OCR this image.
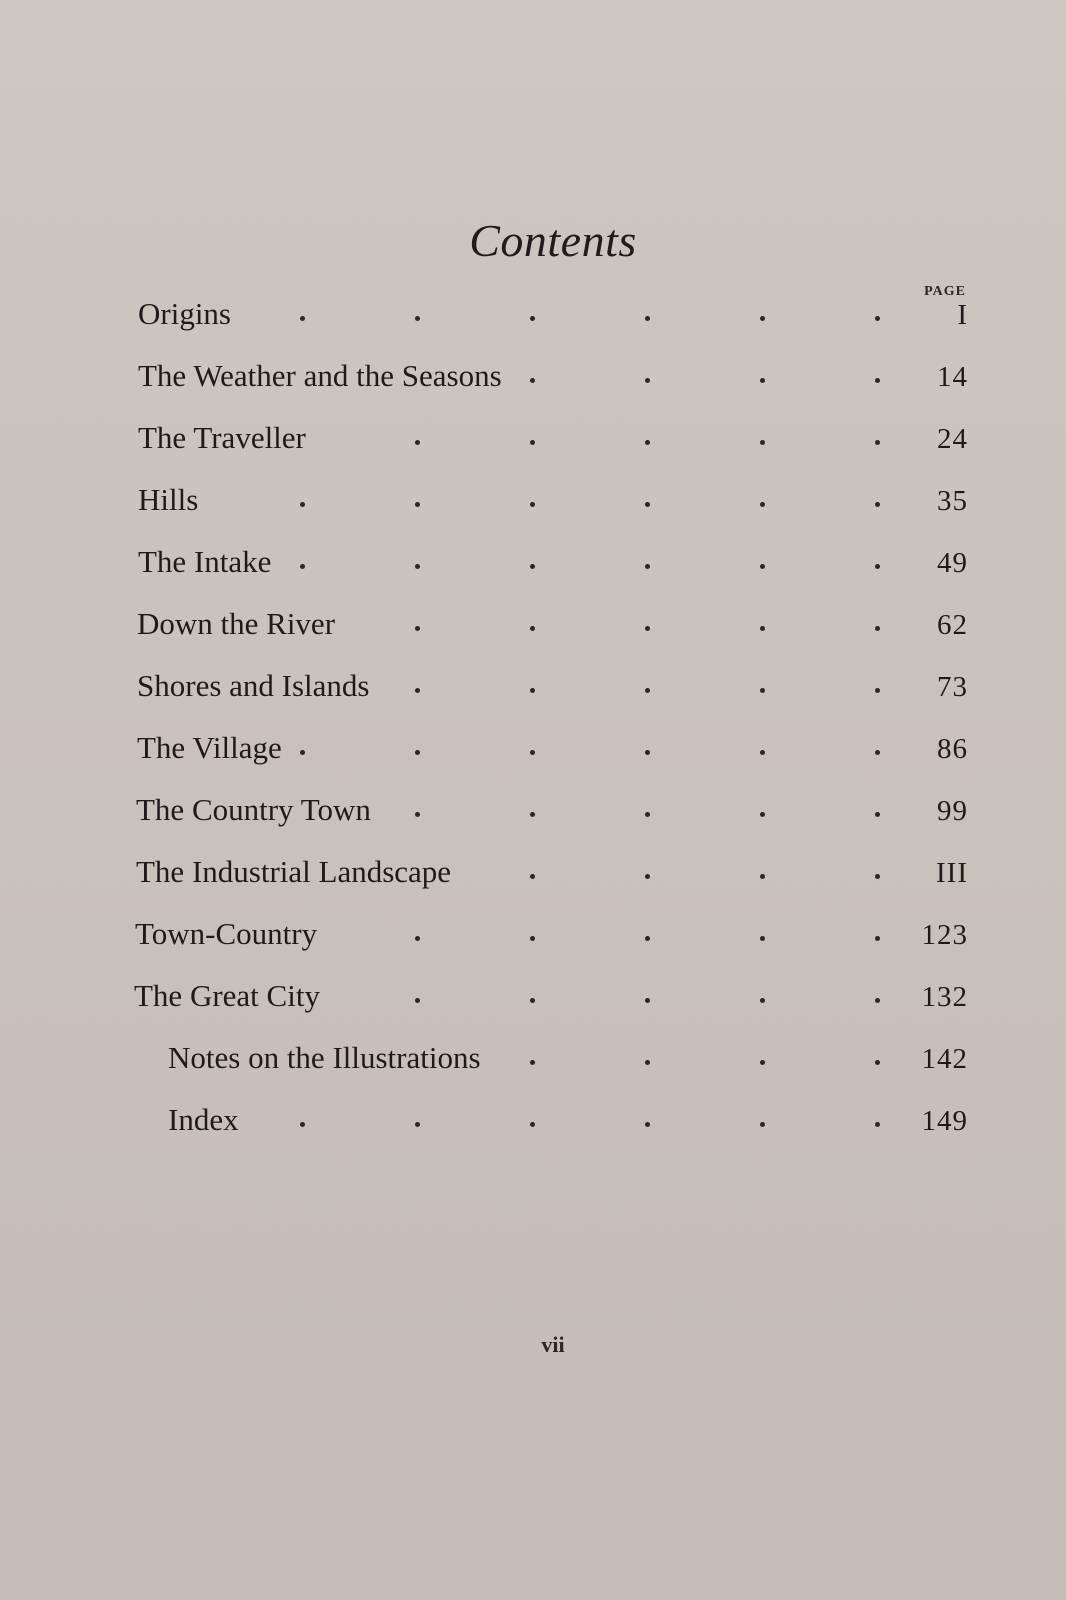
Contents
PAGE
Origins	I
The Weather and the Seasons	14
The Traveller	24
Hills	35
The Intake	49
Down the River	62
Shores and Islands	73
The Village	86
The Country Town	99
The Industrial Landscape	III
Town-Country	123
The Great City	132
Notes on the Illustrations	142
Index	149
vii
